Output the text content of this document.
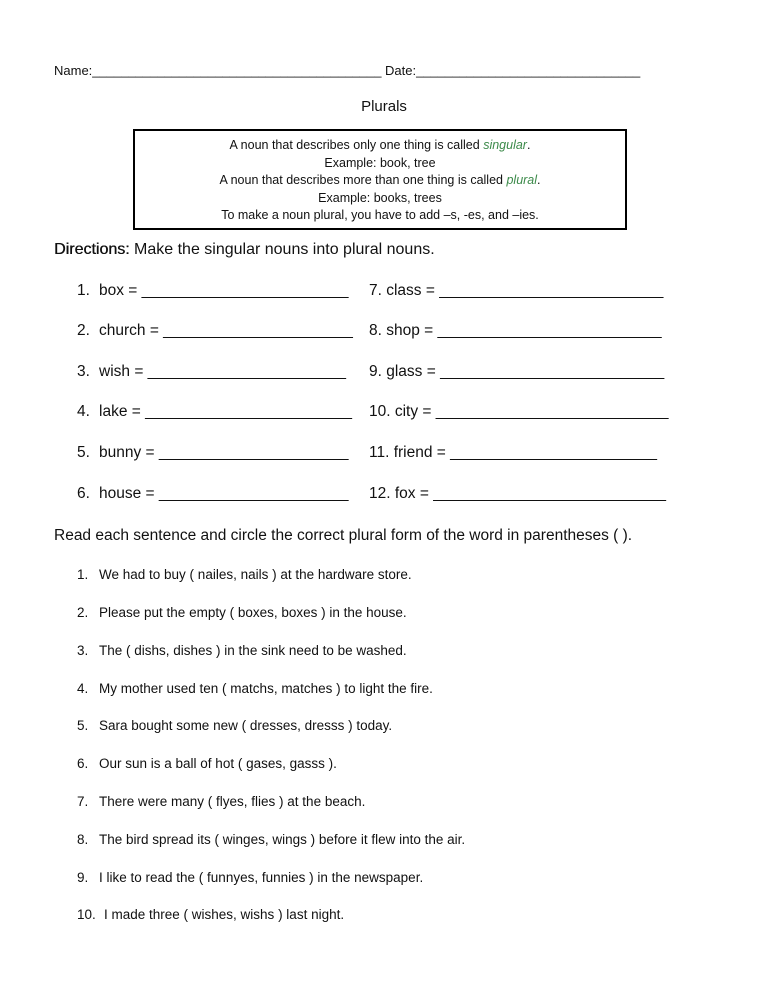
Name:________________________________________ Date:_______________________________
Plurals
A noun that describes only one thing is called singular.
Example: book, tree
A noun that describes more than one thing is called plural.
Example: books, trees
To make a noun plural, you have to add –s, -es, and –ies.
Directions: Make the singular nouns into plural nouns.
1. box = ________________________
2. church = ______________________
3. wish = _______________________
4. lake = ________________________
5. bunny = ______________________
6. house = ______________________
7. class = __________________________
8. shop = __________________________
9. glass = __________________________
10. city = ___________________________
11. friend = ________________________
12. fox = ___________________________
Read each sentence and circle the correct plural form of the word in parentheses ( ).
1. We had to buy ( nailes, nails ) at the hardware store.
2. Please put the empty ( boxes, boxes ) in the house.
3. The ( dishs, dishes ) in the sink need to be washed.
4. My mother used ten ( matchs, matches ) to light the fire.
5. Sara bought some new ( dresses, dresss ) today.
6. Our sun is a ball of hot ( gases, gasss ).
7. There were many ( flyes, flies ) at the beach.
8. The bird spread its ( winges, wings ) before it flew into the air.
9. I like to read the ( funnyes, funnies ) in the newspaper.
10. I made three ( wishes, wishs ) last night.
